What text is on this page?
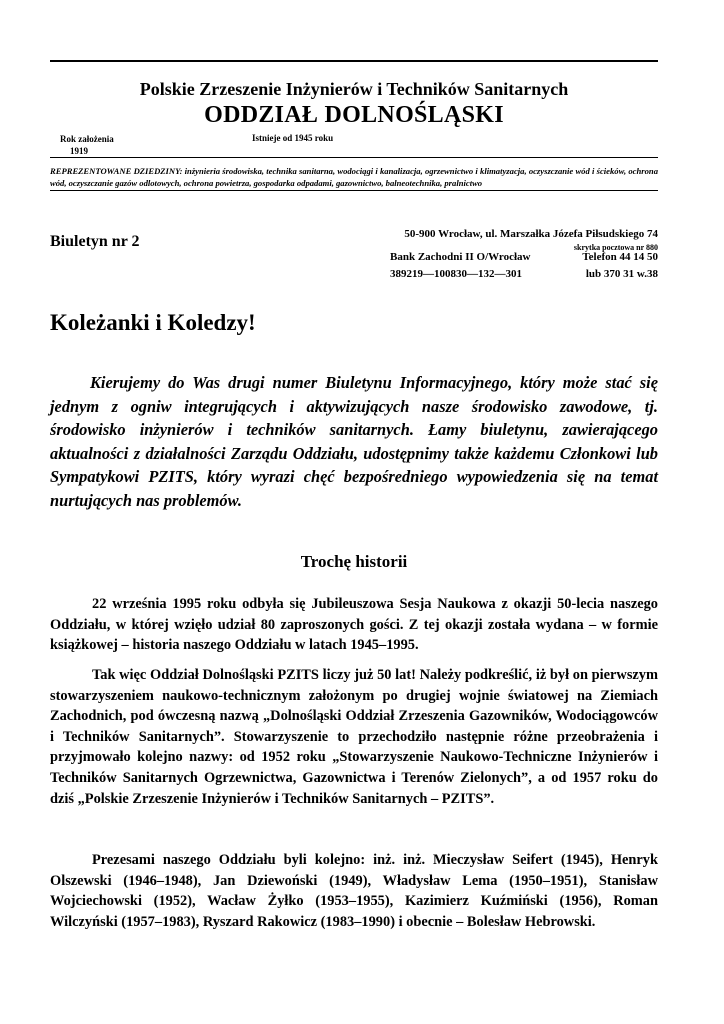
Polskie Zrzeszenie Inżynierów i Techników Sanitarnych
ODDZIAŁ DOLNOŚLĄSKI
Rok założenia
1919
Istnieje od 1945 roku
REPREZENTOWANE DZIEDZINY: inżynieria środowiska, technika sanitarna, wodociągi i kanalizacja, ogrzewnictwo i klimatyzacja, oczyszczanie wód i ścieków, ochrona wód, oczyszczanie gazów odlotowych, ochrona powietrza, gospodarka odpadami, gazownictwo, balneotechnika, pralnictwo
50-900 Wrocław, ul. Marszałka Józefa Piłsudskiego 74
skrytka pocztowa nr 880
Biuletyn nr 2
Bank Zachodni II O/Wrocław
389219—100830—132—301
Telefon 44 14 50
lub 370 31 w.38
Koleżanki i Koledzy!

Kierujemy do Was drugi numer Biuletynu Informacyjnego, który może stać się jednym z ogniw integrujących i aktywizujących nasze środowisko zawodowe, tj. środowisko inżynierów i techników sanitarnych. Łamy biuletynu, zawierającego aktualności z działalności Zarządu Oddziału, udostępnimy także każdemu Członkowi lub Sympatykowi PZITS, który wyrazi chęć bezpośredniego wypowiedzenia się na temat nurtujących nas problemów.

Trochę historii

22 września 1995 roku odbyła się Jubileuszowa Sesja Naukowa z okazji 50-lecia naszego Oddziału, w której wzięło udział 80 zaproszonych gości. Z tej okazji została wydana – w formie książkowej – historia naszego Oddziału w latach 1945–1995.

Tak więc Oddział Dolnośląski PZITS liczy już 50 lat! Należy podkreślić, iż był on pierwszym stowarzyszeniem naukowo-technicznym założonym po drugiej wojnie światowej na Ziemiach Zachodnich, pod ówczesną nazwą „Dolnośląski Oddział Zrzeszenia Gazowników, Wodociągowców i Techników Sanitarnych”. Stowarzyszenie to przechodziło następnie różne przeobrażenia i przyjmowało kolejno nazwy: od 1952 roku „Stowarzyszenie Naukowo-Techniczne Inżynierów i Techników Sanitarnych Ogrzewnictwa, Gazownictwa i Terenów Zielonych”, a od 1957 roku do dziś „Polskie Zrzeszenie Inżynierów i Techników Sanitarnych – PZITS”.

Prezesami naszego Oddziału byli kolejno: inż. inż. Mieczysław Seifert (1945), Henryk Olszewski (1946–1948), Jan Dziewoński (1949), Władysław Lema (1950–1951), Stanisław Wojciechowski (1952), Wacław Żyłko (1953–1955), Kazimierz Kuźmiński (1956), Roman Wilczyński (1957–1983), Ryszard Rakowicz (1983–1990) i obecnie – Bolesław Hebrowski.
